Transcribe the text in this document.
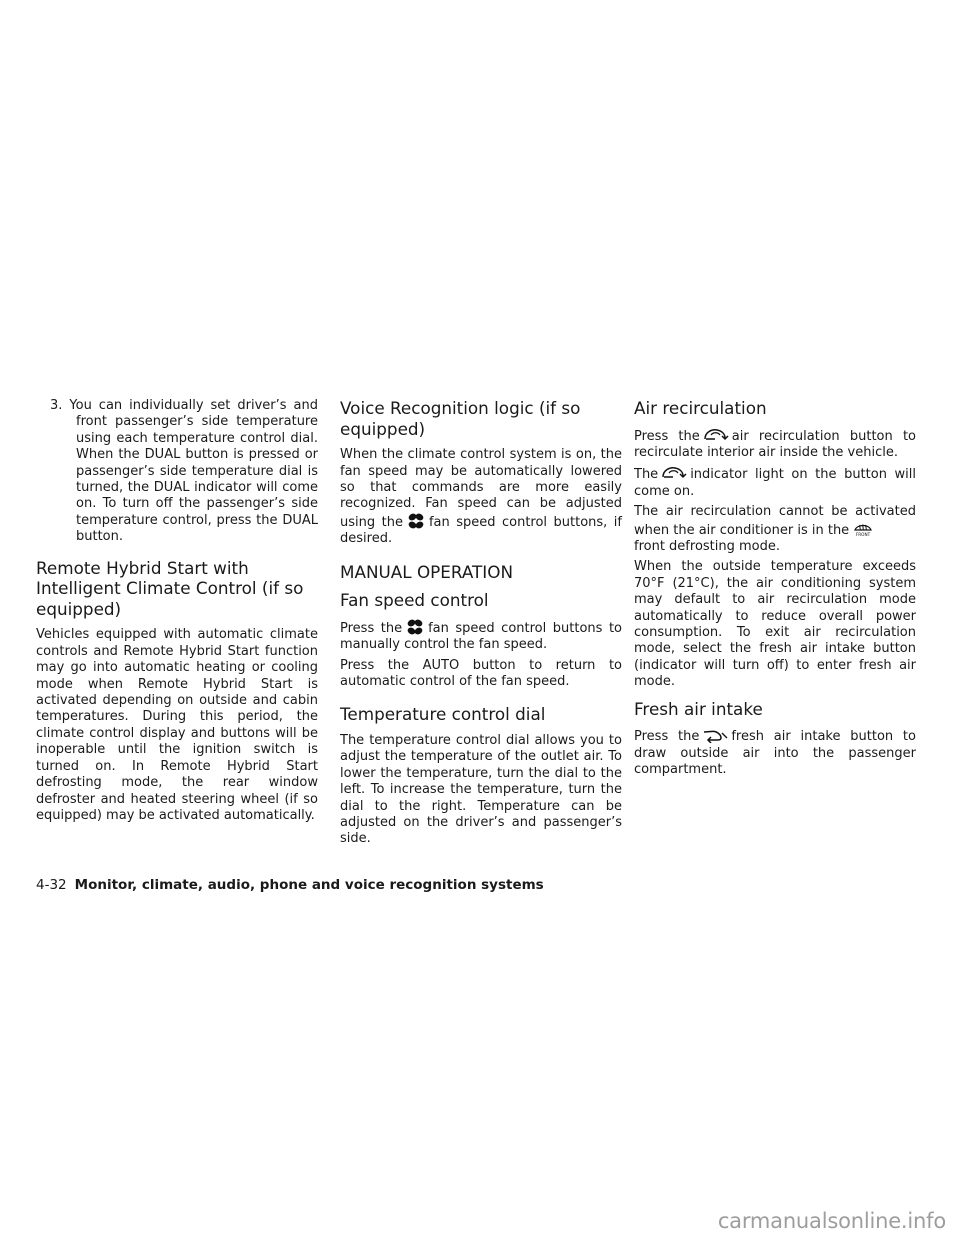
3. You can individually set driver’s and front passenger’s side temperature using each temperature control dial. When the DUAL button is pressed or passenger’s side temperature dial is turned, the DUAL indicator will come on. To turn off the passenger’s side temperature control, press the DUAL button.

Remote Hybrid Start with Intelligent Climate Control (if so equipped)

Vehicles equipped with automatic climate controls and Remote Hybrid Start function may go into automatic heating or cooling mode when Remote Hybrid Start is activated depending on outside and cabin temperatures. During this period, the climate control display and buttons will be inoperable until the ignition switch is turned on. In Remote Hybrid Start defrosting mode, the rear window defroster and heated steering wheel (if so equipped) may be activated automatically.

Voice Recognition logic (if so equipped)

When the climate control system is on, the fan speed may be automatically lowered so that commands are more easily recognized. Fan speed can be adjusted using the fan speed control buttons, if desired.

MANUAL OPERATION
Fan speed control

Press the fan speed control buttons to manually control the fan speed.

Press the AUTO button to return to automatic control of the fan speed.

Temperature control dial

The temperature control dial allows you to adjust the temperature of the outlet air. To lower the temperature, turn the dial to the left. To increase the temperature, turn the dial to the right. Temperature can be adjusted on the driver’s and passenger’s side.

Air recirculation

Press the air recirculation button to recirculate interior air inside the vehicle.

The indicator light on the button will come on.

The air recirculation cannot be activated when the air conditioner is in the FRONT

front defrosting mode.

When the outside temperature exceeds 70°F (21°C), the air conditioning system may default to air recirculation mode automatically to reduce overall power consumption. To exit air recirculation mode, select the fresh air intake button (indicator will turn off) to enter fresh air mode.

Fresh air intake

Press the fresh air intake button to draw outside air into the passenger compartment.

4-32 Monitor, climate, audio, phone and voice recognition systems
carmanualsonline.info
